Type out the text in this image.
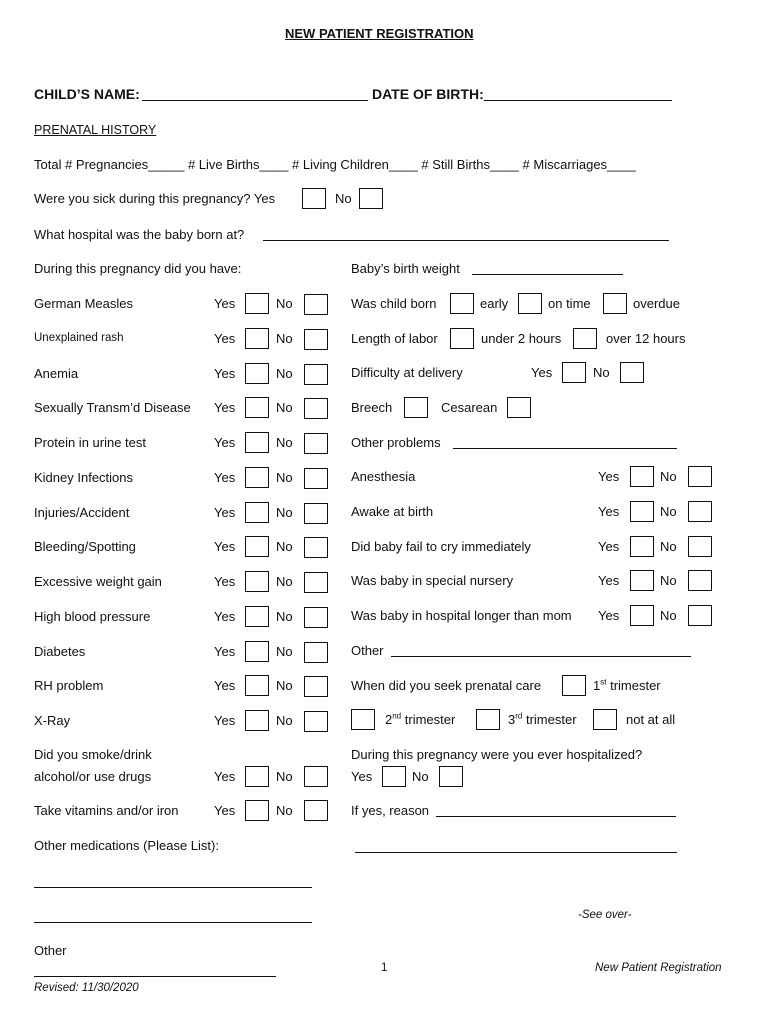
NEW PATIENT REGISTRATION
CHILD’S NAME:	DATE OF BIRTH:
PRENATAL HISTORY
Total # Pregnancies_____ # Live Births____ # Living Children____ # Still Births____ # Miscarriages____
Were you sick during this pregnancy? Yes	No
What hospital was the baby born at?
During this pregnancy did you have:	Baby’s birth weight
German Measles	Yes	No
Unexplained rash	Yes	No
Anemia	Yes	No
Sexually Transm’d Disease Yes	No
Protein in urine test	Yes	No
Kidney Infections	Yes	No
Injuries/Accident	Yes	No
Bleeding/Spotting	Yes	No
Excessive weight gain	Yes	No
High blood pressure	Yes	No
Diabetes	Yes	No
RH problem	Yes	No
X-Ray	Yes	No
Did you smoke/drink
alcohol/or use drugs	Yes	No
Take vitamins and/or iron	Yes	No
Other medications (Please List):
Other
Was child born	early	on time	overdue
Length of labor	under 2 hours	over 12 hours
Difficulty at delivery	Yes	No
Breech	Cesarean
Other problems
Anesthesia	Yes	No
Awake at birth	Yes	No
Did baby fail to cry immediately	Yes	No
Was baby in special nursery	Yes	No
Was baby in hospital longer than mom Yes	No
Other
When did you seek prenatal care	1st trimester
2nd trimester	3rd trimester	not at all
During this pregnancy were you ever hospitalized?
Yes	No
If yes, reason
-See over-
1	New Patient Registration
Revised: 11/30/2020
